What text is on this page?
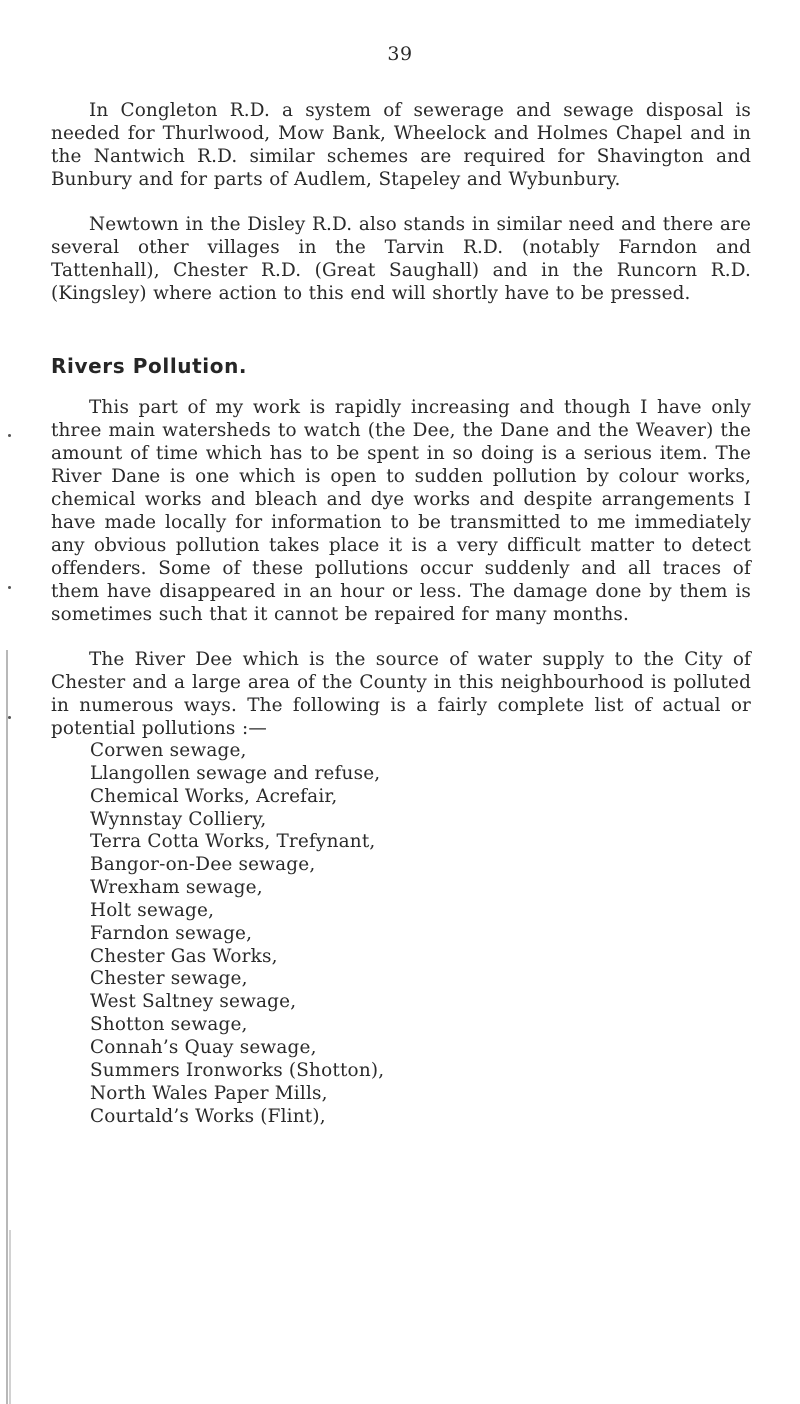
39

In Congleton R.D. a system of sewerage and sewage disposal is needed for Thurlwood, Mow Bank, Wheelock and Holmes Chapel and in the Nantwich R.D. similar schemes are required for Shavington and Bunbury and for parts of Audlem, Stapeley and Wybunbury.

Newtown in the Disley R.D. also stands in similar need and there are several other villages in the Tarvin R.D. (notably Farndon and Tattenhall), Chester R.D. (Great Saughall) and in the Runcorn R.D. (Kingsley) where action to this end will shortly have to be pressed.

Rivers Pollution.

This part of my work is rapidly increasing and though I have only three main watersheds to watch (the Dee, the Dane and the Weaver) the amount of time which has to be spent in so doing is a serious item. The River Dane is one which is open to sudden pollution by colour works, chemical works and bleach and dye works and despite arrangements I have made locally for information to be transmitted to me immediately any obvious pollution takes place it is a very difficult matter to detect offenders. Some of these pollutions occur suddenly and all traces of them have disappeared in an hour or less. The damage done by them is sometimes such that it cannot be repaired for many months.

The River Dee which is the source of water supply to the City of Chester and a large area of the County in this neighbourhood is polluted in numerous ways. The following is a fairly complete list of actual or potential pollutions :—

Corwen sewage,
Llangollen sewage and refuse,
Chemical Works, Acrefair,
Wynnstay Colliery,
Terra Cotta Works, Trefynant,
Bangor-on-Dee sewage,
Wrexham sewage,
Holt sewage,
Farndon sewage,
Chester Gas Works,
Chester sewage,
West Saltney sewage,
Shotton sewage,
Connah’s Quay sewage,
Summers Ironworks (Shotton),
North Wales Paper Mills,
Courtald’s Works (Flint),
